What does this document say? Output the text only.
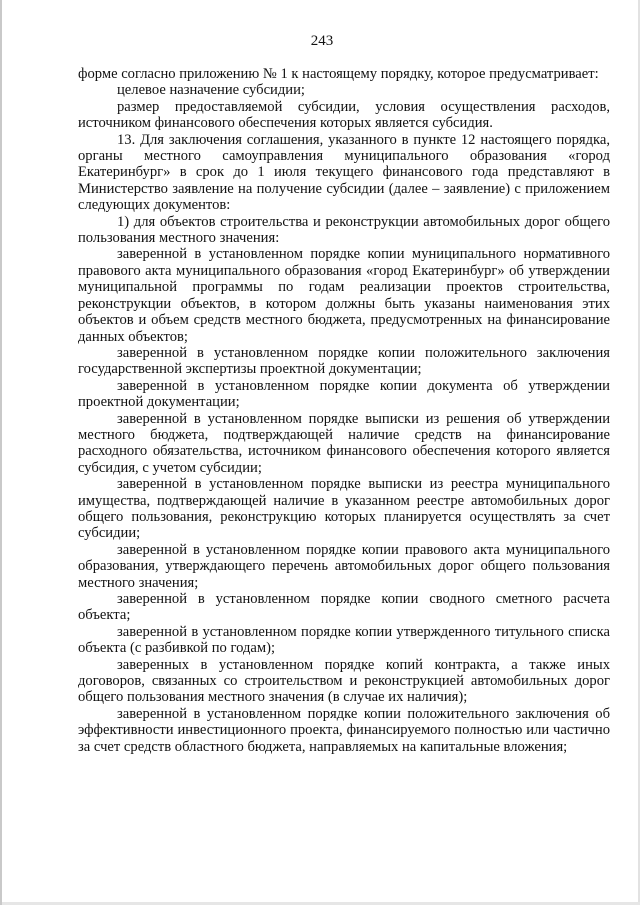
243

форме согласно приложению № 1 к настоящему порядку, которое предусматривает:

целевое назначение субсидии;

размер предоставляемой субсидии, условия осуществления расходов, источником финансового обеспечения которых является субсидия.

13. Для заключения соглашения, указанного в пункте 12 настоящего порядка, органы местного самоуправления муниципального образования «город Екатеринбург» в срок до 1 июля текущего финансового года представляют в Министерство заявление на получение субсидии (далее – заявление) с приложением следующих документов:

1) для объектов строительства и реконструкции автомобильных дорог общего пользования местного значения:

заверенной в установленном порядке копии муниципального нормативного правового акта муниципального образования «город Екатеринбург» об утверждении муниципальной программы по годам реализации проектов строительства, реконструкции объектов, в котором должны быть указаны наименования этих объектов и объем средств местного бюджета, предусмотренных на финансирование данных объектов;

заверенной в установленном порядке копии положительного заключения государственной экспертизы проектной документации;

заверенной в установленном порядке копии документа об утверждении проектной документации;

заверенной в установленном порядке выписки из решения об утверждении местного бюджета, подтверждающей наличие средств на финансирование расходного обязательства, источником финансового обеспечения которого является субсидия, с учетом субсидии;

заверенной в установленном порядке выписки из реестра муниципального имущества, подтверждающей наличие в указанном реестре автомобильных дорог общего пользования, реконструкцию которых планируется осуществлять за счет субсидии;

заверенной в установленном порядке копии правового акта муниципального образования, утверждающего перечень автомобильных дорог общего пользования местного значения;

заверенной в установленном порядке копии сводного сметного расчета объекта;

заверенной в установленном порядке копии утвержденного титульного списка объекта (с разбивкой по годам);

заверенных в установленном порядке копий контракта, а также иных договоров, связанных со строительством и реконструкцией автомобильных дорог общего пользования местного значения (в случае их наличия);

заверенной в установленном порядке копии положительного заключения об эффективности инвестиционного проекта, финансируемого полностью или частично за счет средств областного бюджета, направляемых на капитальные вложения;
